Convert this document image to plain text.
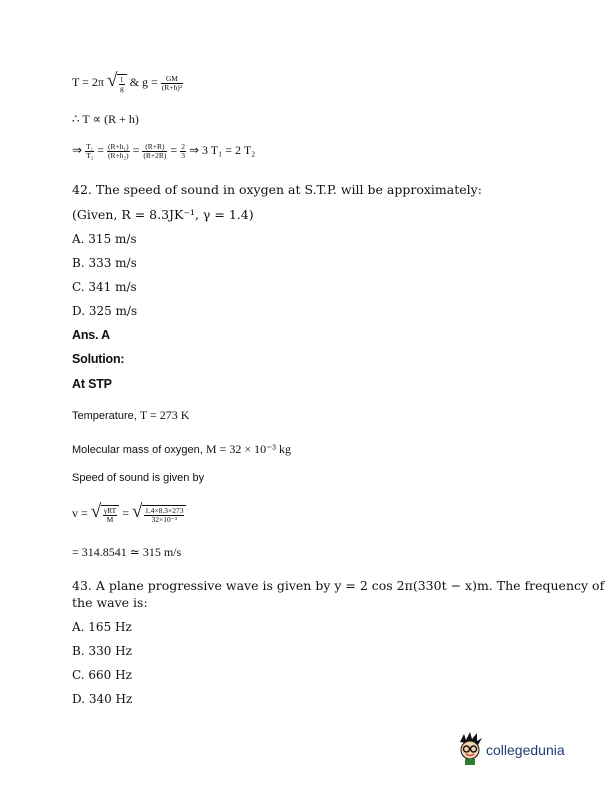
T = 2π √ $\frac{l}{g}$ & $g = \frac{GM}{\text{(R+h)²}}$
∴ T ∝ (R + h)
⇒ $\frac{\text{T₁}}{\text{T₂}} = \frac{\text{(R+h₁)}}{\text{(R+h₂)}} = \frac{(R+R)}{(R+2R)} = \frac{2}{3}$ ⇒ 3 T₁ = 2 T₂
42. The speed of sound in oxygen at S.T.P. will be approximately:
(Given, R = 8.3JK⁻¹, γ = 1.4)
A. 315 m/s
B. 333 m/s
C. 341 m/s
D. 325 m/s
Ans. A
Solution:
At STP
Temperature, T = 273 K
Molecular mass of oxygen, M = 32 × 10⁻³ kg
Speed of sound is given by
v = √ $\frac{\text{γRT}}{M}$ = √ $\frac{1.4\times 8.3\times 273}{\text{32×10⁻³}}$
= 314.8541 ≃ 315 m/s
43. A plane progressive wave is given by y = 2 cos 2π(330t − x)m. The frequency of
the wave is:
A. 165 Hz
B. 330 Hz
C. 660 Hz
D. 340 Hz
collegedunia
